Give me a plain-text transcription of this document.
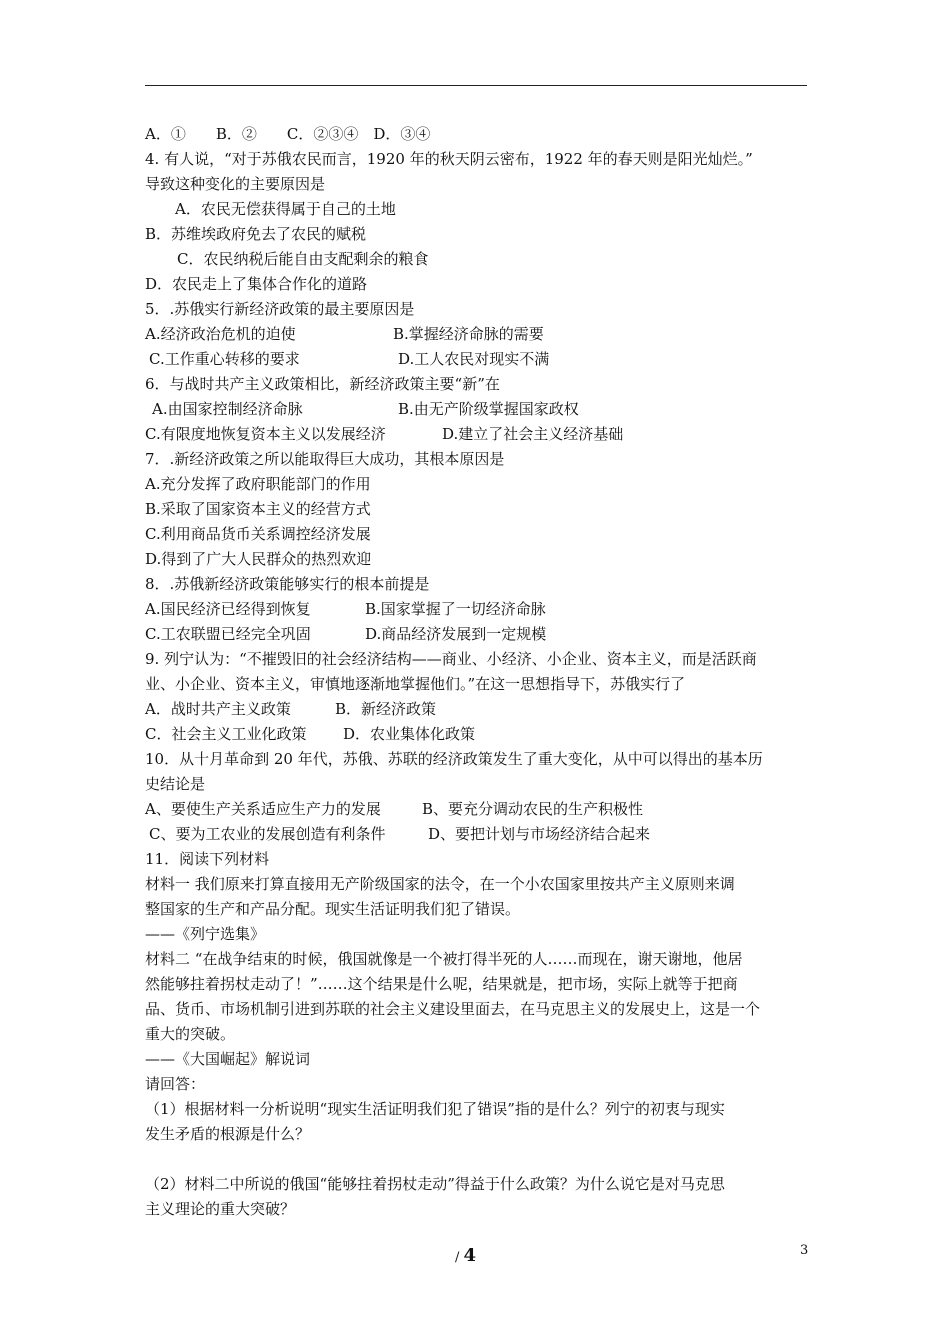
A．①　　B．②　　C．②③④　D．③④
4. 有人说，“对于苏俄农民而言，1920 年的秋天阴云密布，1922 年的春天则是阳光灿烂。”
导致这种变化的主要原因是
A．农民无偿获得属于自己的土地
B．苏维埃政府免去了农民的赋税
C．农民纳税后能自由支配剩余的粮食
D．农民走上了集体合作化的道路
5．.苏俄实行新经济政策的最主要原因是
A.经济政治危机的迫使	B.掌握经济命脉的需要
C.工作重心转移的要求	D.工人农民对现实不满
6．与战时共产主义政策相比，新经济政策主要“新”在
A.由国家控制经济命脉	B.由无产阶级掌握国家政权
C.有限度地恢复资本主义以发展经济	D.建立了社会主义经济基础
7．.新经济政策之所以能取得巨大成功，其根本原因是
A.充分发挥了政府职能部门的作用
B.采取了国家资本主义的经营方式
C.利用商品货币关系调控经济发展
D.得到了广大人民群众的热烈欢迎
8．.苏俄新经济政策能够实行的根本前提是
A.国民经济已经得到恢复	B.国家掌握了一切经济命脉
C.工农联盟已经完全巩固	D.商品经济发展到一定规模
9. 列宁认为：“不摧毁旧的社会经济结构——商业、小经济、小企业、资本主义，而是活跃商
业、小企业、资本主义，审慎地逐渐地掌握他们。”在这一思想指导下，苏俄实行了
A．战时共产主义政策	B．新经济政策
C．社会主义工业化政策 D．农业集体化政策
10．从十月革命到 20 年代，苏俄、苏联的经济政策发生了重大变化，从中可以得出的基本历
史结论是
A、要使生产关系适应生产力的发展	B、要充分调动农民的生产积极性
C、要为工农业的发展创造有利条件	D、要把计划与市场经济结合起来
11．阅读下列材料
材料一 我们原来打算直接用无产阶级国家的法令，在一个小农国家里按共产主义原则来调
整国家的生产和产品分配。现实生活证明我们犯了错误。
——《列宁选集》
材料二 “在战争结束的时候，俄国就像是一个被打得半死的人……而现在，谢天谢地，他居
然能够拄着拐杖走动了！”……这个结果是什么呢，结果就是，把市场，实际上就等于把商
品、货币、市场机制引进到苏联的社会主义建设里面去，在马克思主义的发展史上，这是一个
重大的突破。
——《大国崛起》解说词
请回答：
（1）根据材料一分析说明“现实生活证明我们犯了错误”指的是什么？列宁的初衷与现实
发生矛盾的根源是什么？
（2）材料二中所说的俄国“能够拄着拐杖走动”得益于什么政策？为什么说它是对马克思
主义理论的重大突破？
/ 4	3
